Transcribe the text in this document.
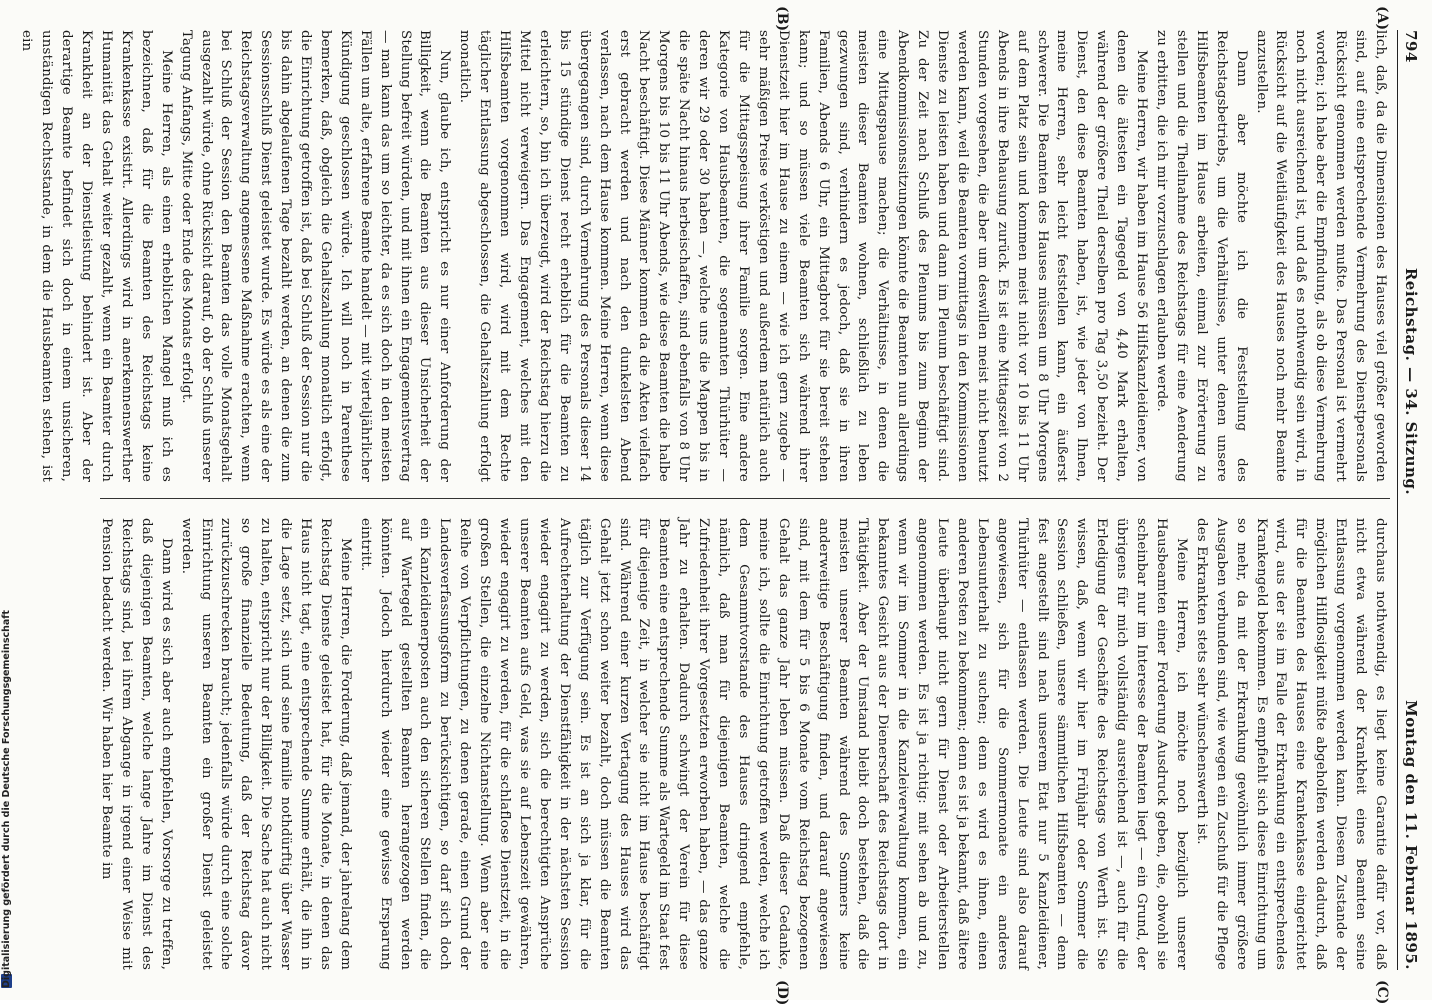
794
Reichstag. — 34. Sitzung.
Montag den 11. Februar 1895.
(A)
(B)
(C)
(D)

lich, daß, da die Dimensionen des Hauses viel größer geworden sind, auf eine entsprechende Vermehrung des Dienstpersonals Rücksicht genommen werden mußte. Das Personal ist vermehrt worden; ich habe aber die Empfindung, als ob diese Vermehrung noch nicht ausreichend ist, und daß es nothwendig sein wird, in Rücksicht auf die Weitläufigkeit des Hauses noch mehr Beamte anzustellen.

Dann aber möchte ich die Feststellung des Reichstagsbetriebs, um die Verhältnisse, unter denen unsere Hilfsbeamten im Hause arbeiten, einmal zur Erörterung zu stellen und die Theilnahme des Reichstags für eine Aenderung zu erbitten, die ich mir vorzuschlagen erlauben werde.

Meine Herren, wir haben im Hause 56 Hilfskanzleidiener, von denen die ältesten ein Tagegeld von 4,40 Mark erhalten, während der größere Theil derselben pro Tag 3,50 bezieht. Der Dienst, den diese Beamten haben, ist, wie jeder von Ihnen, meine Herren, sehr leicht feststellen kann, ein äußerst schwerer. Die Beamten des Hauses müssen um 8 Uhr Morgens auf dem Platz sein und kommen meist nicht vor 10 bis 11 Uhr Abends in ihre Behausung zurück. Es ist eine Mittagszeit von 2 Stunden vorgesehen, die aber um deswillen meist nicht benutzt werden kann, weil die Beamten vormittags in den Kommissionen Dienste zu leisten haben und dann im Plenum beschäftigt sind. Zu der Zeit nach Schluß des Plenums bis zum Beginn der Abendkommissionssitzungen könnte die Beamten nun allerdings eine Mittagspause machen; die Verhältnisse, in denen die meisten dieser Beamten wohnen, schließlich zu leben gezwungen sind, verhindern es jedoch, daß sie in ihren Familien, Abends 6 Uhr, ein Mittagbrot für sie bereit stehen kann; und so müssen viele Beamten sich während ihrer Dienstzeit hier im Hause zu einem — wie ich gern zugebe — sehr mäßigen Preise verköstigen und außerdem natürlich auch für die Mittagsspeisung ihrer Familie sorgen. Eine andere Kategorie von Hausbeamten, die sogenannten Thürhüter — deren wir 29 oder 30 haben —, welche uns die Mappen bis in die späte Nacht hinaus herbeischaffen, sind ebenfalls von 8 Uhr Morgens bis 10 bis 11 Uhr Abends, wie diese Beamten die halbe Nacht beschäftigt. Diese Männer kommen da die Akten vielfach erst gebracht werden und nach den dunkelsten Abend verlassen, nach dem Hause kommen. Meine Herren, wenn diese übergegangen sind, durch Vermehrung des Personals dieser 14 bis 15 stündige Dienst recht erheblich für die Beamten zu erleichtern, so, bin ich überzeugt, wird der Reichstag hierzu die Mittel nicht verweigern. Das Engagement, welches mit den Hilfsbeamten vorgenommen wird, wird mit dem Rechte täglicher Entlassung abgeschlossen, die Gehaltszahlung erfolgt monatlich.

Nun, glaube ich, entspricht es nur einer Anforderung der Billigkeit, wenn die Beamten aus dieser Unsicherheit der Stellung befreit würden, und mit ihnen ein Engagementsvertrag — man kann das um so leichter, da es sich doch in den meisten Fällen um alte, erfahrene Beamte handelt — mit vierteljährlicher Kündigung geschlossen würde. Ich will noch in Parenthese bemerken, daß, obgleich die Gehaltszahlung monatlich erfolgt, die Einrichtung getroffen ist, daß bei Schluß der Session nur die bis dahin abgelaufenen Tage bezahlt werden, an denen die zum Sessionsschluß Dienst geleistet wurde. Es würde es als eine der Reichstagsverwaltung angemessene Maßnahme erachten, wenn bei Schluß der Session den Beamten das volle Monatsgehalt ausgezahlt würde, ohne Rücksicht darauf, ob der Schluß unserer Tagung Anfangs, Mitte oder Ende des Monats erfolgt.

Meine Herren, als einen erheblichen Mangel muß ich es bezeichnen, daß für die Beamten des Reichstags keine Krankenkasse existirt. Allerdings wird in anerkennenswerther Humanität das Gehalt weiter gezahlt, wenn ein Beamter durch Krankheit an der Dienstleistung behindert ist. Aber der derartige Beamte befindet sich doch in einem unsicheren, unständigen Rechtsstande, in dem die Hausbeamten stehen, ist ein

durchaus nothwendig, es liegt keine Garantie dafür vor, daß nicht etwa während der Krankheit eines Beamten seine Entlassung vorgenommen werden kann. Diesem Zustande der möglichen Hilflosigkeit müßte abgeholfen werden dadurch, daß für die Beamten des Hauses eine Krankenkasse eingerichtet wird, aus der sie im Falle der Erkrankung ein entsprechendes Krankengeld bekommen. Es empfiehlt sich diese Einrichtung um so mehr, da mit der Erkrankung gewöhnlich immer größere Ausgaben verbunden sind, wie wegen ein Zuschuß für die Pflege des Erkrankten stets sehr wünschenswerth ist.

Meine Herren, ich möchte noch bezüglich unserer Hausbeamten einer Forderung Ausdruck geben, die, obwohl sie scheinbar nur im Interesse der Beamten liegt — ein Grund, der übrigens für mich vollständig ausreichend ist —, auch für die Erledigung der Geschäfte des Reichstags von Werth ist. Sie wissen, daß, wenn wir hier im Frühjahr oder Sommer die Session schließen, unsere sämmtlichen Hilfsbeamten — denn fest angestellt sind nach unserem Etat nur 5 Kanzleidiener, Thürhüter — entlassen werden. Die Leute sind also darauf angewiesen, sich für die Sommermonate ein anderes Lebensunterhalt zu suchen; denn es wird es ihnen, einen anderen Posten zu bekommen; denn es ist ja bekannt, daß ältere Leute überhaupt nicht gern für Dienst oder Arbeiterstellen angenommen werden. Es ist ja richtig: mit sehen ab und zu, wenn wir im Sommer in die Kanzleiverwaltung kommen, ein bekanntes Gesicht aus der Dienerschaft des Reichstags dort in Thätigkeit. Aber der Umstand bleibt doch bestehen, daß die meisten unserer Beamten während des Sommers keine anderweitige Beschäftigung finden, und darauf angewiesen sind, mit dem für 5 bis 6 Monate vom Reichstag bezogenen Gehalt das ganze Jahr leben müssen. Daß dieser Gedanke, meine ich, sollte die Einrichtung getroffen werden, welche ich dem Gesammtvorstande des Hauses dringend empfehle, nämlich, daß man für diejenigen Beamten, welche die Zufriedenheit ihrer Vorgesetzten erworben haben, — das ganze Jahr zu erhalten. Dadurch schwingt der Verein für diese Beamten eine entsprechende Summe als Wartegeld im Staat fest für diejenige Zeit, in welcher sie nicht im Hause beschäftigt sind. Während einer kurzen Vertagung des Hauses wird das Gehalt jetzt schon weiter bezahlt, doch müssen die Beamten täglich zur Verfügung sein. Es ist an sich ja klar, für die Aufrechterhaltung der Dienstfähigkeit in der nächsten Session wieder engagirt zu werden, sich die berechtigten Ansprüche unserer Beamten aufs Geld, was sie auf Lebenszeit gewähren, wieder engagirt zu werden, für die schlaflose Dienstzeit, in die großen Stellen, die einzelne Nichtanstellung. Wenn aber eine Reihe von Verpflichtungen, zu denen gerade, einen Grund der Landesverfassungsform zu berücksichtigen, so darf sich doch ein Kanzleidienerposten auch den sicheren Stellen finden, die auf Wartegeld gestellten Beamten herangezogen werden könnten. Jedoch hierdurch wieder eine gewisse Ersparung eintritt.

Meine Herren, die Forderung, daß jemand, der jahrelang dem Reichstag Dienste geleistet hat, für die Monate, in denen das Haus nicht tagt, eine entsprechende Summe erhält, die ihn in die Lage setzt, sich und seine Familie nothdürftig über Wasser zu halten, entspricht nur der Billigkeit. Die Sache hat auch nicht so große finanzielle Bedeutung, daß der Reichstag davor zurückzuschrecken braucht; jedenfalls würde durch eine solche Einrichtung unseren Beamten ein großer Dienst geleistet werden.

Dann wird es sich aber auch empfehlen, Vorsorge zu treffen, daß diejenigen Beamten, welche lange Jahre im Dienst des Reichstags sind, bei ihrem Abgange in irgend einer Weise mit Pension bedacht werden. Wir haben hier Beamte im

Digitalisierung gefördert durch die Deutsche Forschungsgemeinschaft
